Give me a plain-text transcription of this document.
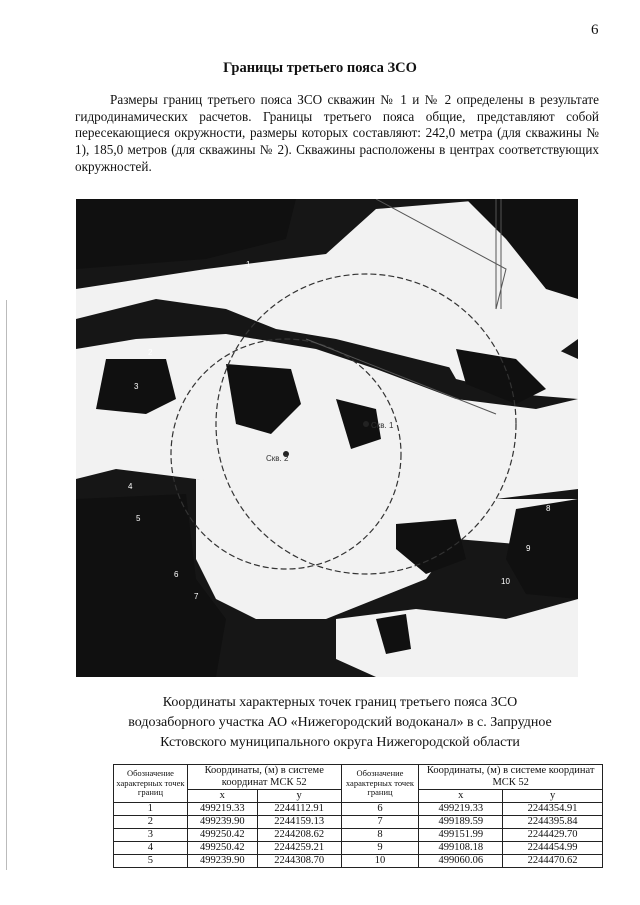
6
Границы третьего пояса ЗСО
Размеры границ третьего пояса ЗСО скважин № 1 и № 2 определены в результате гидродинамических расчетов. Границы третьего пояса общие, представляют собой пересекающиеся окружности, размеры которых составляют: 242,0 метра (для скважины № 1), 185,0 метров (для скважины № 2). Скважины расположены в центрах соответствующих окружностей.
Скв. 1
Скв. 2
1
2
3
4
5
6
7
8
9
10
Координаты характерных точек границ третьего пояса ЗСО
водозаборного участка АО «Нижегородский водоканал» в с. Запрудное
Кстовского муниципального округа Нижегородской области
Обозначение характерных точек границ	Координаты, (м) в системе координат МСК 52		Обозначение характерных точек границ	Координаты, (м) в системе координат МСК 52	
	x	y		x	y
1	499219.33	2244112.91	6	499219.33	2244354.91
2	499239.90	2244159.13	7	499189.59	2244395.84
3	499250.42	2244208.62	8	499151.99	2244429.70
4	499250.42	2244259.21	9	499108.18	2244454.99
5	499239.90	2244308.70	10	499060.06	2244470.62
